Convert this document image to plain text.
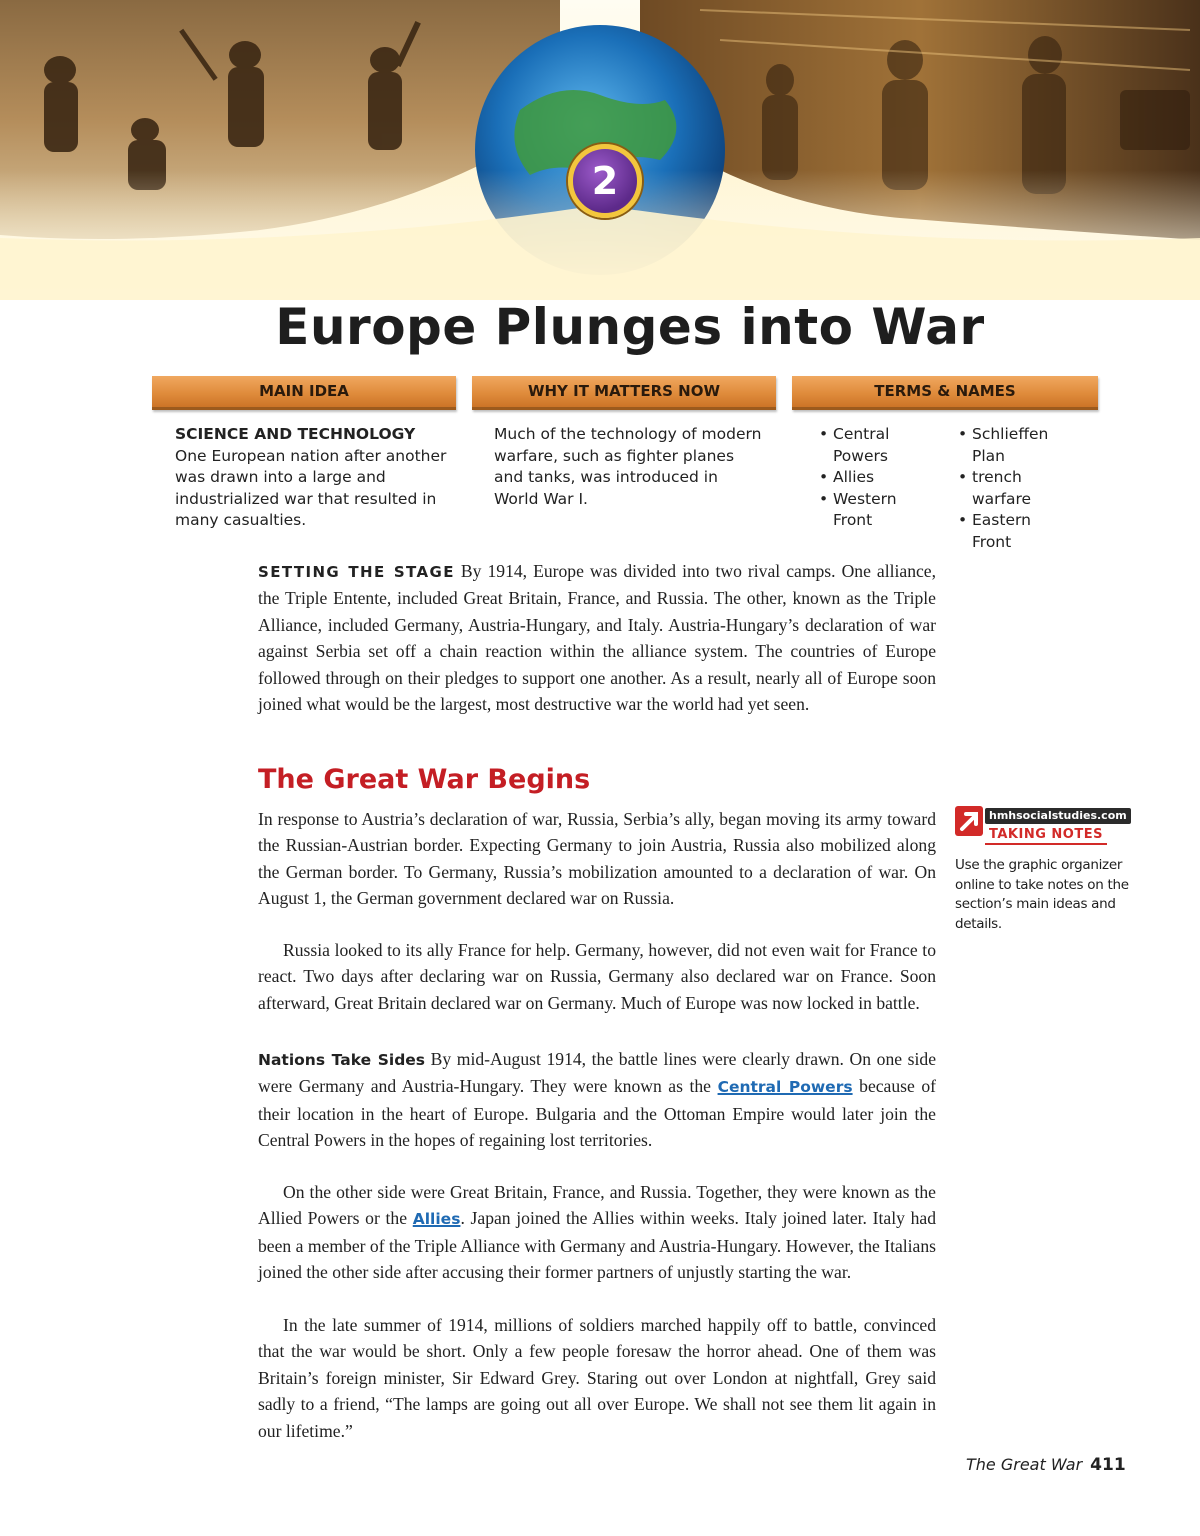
2
Europe Plunges into War
MAIN IDEA	WHY IT MATTERS NOW	TERMS & NAMES
SCIENCE AND TECHNOLOGY
One European nation after another was drawn into a large and industrialized war that resulted in many casualties.
Much of the technology of modern warfare, such as fighter planes and tanks, was introduced in World War I.
• Central Powers
• Allies
• Western Front
• Schlieffen Plan
• trench warfare
• Eastern Front

SETTING THE STAGE By 1914, Europe was divided into two rival camps. One alliance, the Triple Entente, included Great Britain, France, and Russia. The other, known as the Triple Alliance, included Germany, Austria-Hungary, and Italy. Austria-Hungary’s declaration of war against Serbia set off a chain reaction within the alliance system. The countries of Europe followed through on their pledges to support one another. As a result, nearly all of Europe soon joined what would be the largest, most destructive war the world had yet seen.

The Great War Begins

In response to Austria’s declaration of war, Russia, Serbia’s ally, began moving its army toward the Russian-Austrian border. Expecting Germany to join Austria, Russia also mobilized along the German border. To Germany, Russia’s mobilization amounted to a declaration of war. On August 1, the German government declared war on Russia.

Russia looked to its ally France for help. Germany, however, did not even wait for France to react. Two days after declaring war on Russia, Germany also declared war on France. Soon afterward, Great Britain declared war on Germany. Much of Europe was now locked in battle.

Nations Take Sides By mid-August 1914, the battle lines were clearly drawn. On one side were Germany and Austria-Hungary. They were known as the Central Powers because of their location in the heart of Europe. Bulgaria and the Ottoman Empire would later join the Central Powers in the hopes of regaining lost territories.

On the other side were Great Britain, France, and Russia. Together, they were known as the Allied Powers or the Allies. Japan joined the Allies within weeks. Italy joined later. Italy had been a member of the Triple Alliance with Germany and Austria-Hungary. However, the Italians joined the other side after accusing their former partners of unjustly starting the war.

In the late summer of 1914, millions of soldiers marched happily off to battle, convinced that the war would be short. Only a few people foresaw the horror ahead. One of them was Britain’s foreign minister, Sir Edward Grey. Staring out over London at nightfall, Grey said sadly to a friend, “The lamps are going out all over Europe. We shall not see them lit again in our lifetime.”

hmhsocialstudies.com
TAKING NOTES
Use the graphic organizer online to take notes on the section’s main ideas and details.
The Great War 411
